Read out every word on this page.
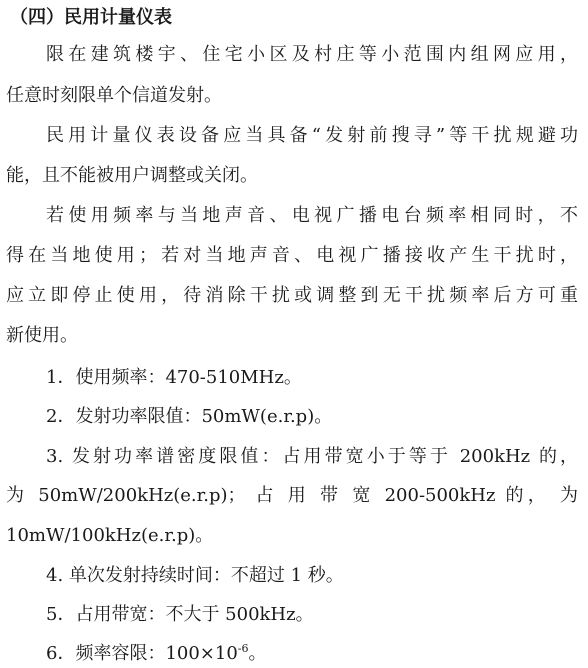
（四）民用计量仪表
限在建筑楼宇、住宅小区及村庄等小范围内组网应用，
任意时刻限单个信道发射。
民用计量仪表设备应当具备“发射前搜寻”等干扰规避功
能，且不能被用户调整或关闭。
若使用频率与当地声音、电视广播电台频率相同时，不
得在当地使用；若对当地声音、电视广播接收产生干扰时，
应立即停止使用，待消除干扰或调整到无干扰频率后方可重
新使用。
1．使用频率：470-510MHz。
2．发射功率限值：50mW(e.r.p)。
3. 发射功率谱密度限值：占用带宽小于等于 200kHz 的，
为 50mW/200kHz(e.r.p)； 占 用 带 宽 200-500kHz 的， 为
10mW/100kHz(e.r.p)。
4. 单次发射持续时间：不超过 1 秒。
5．占用带宽：不大于 500kHz。
6．频率容限：$100\times 10^{-6}$。
